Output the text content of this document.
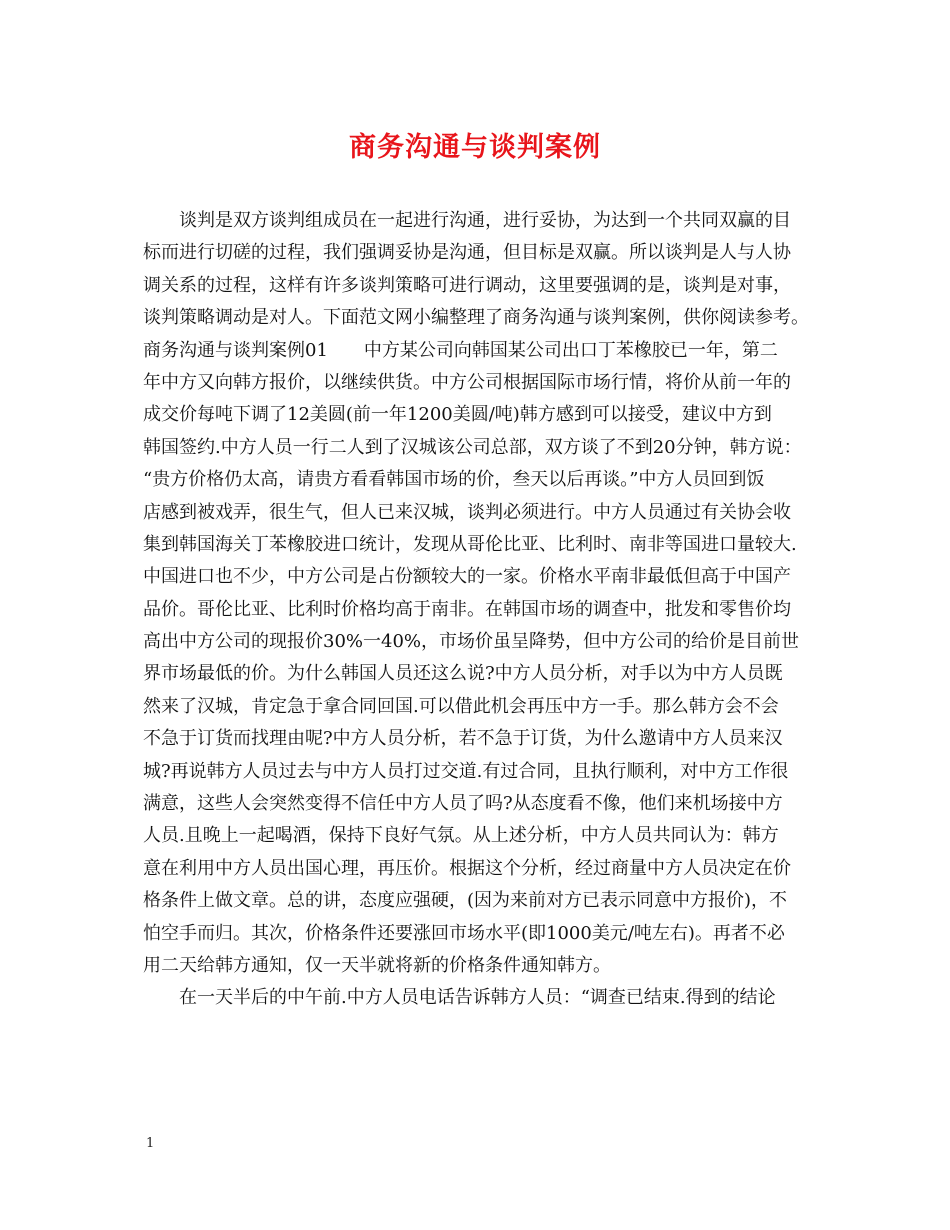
商务沟通与谈判案例
　　谈判是双方谈判组成员在一起进行沟通，进行妥协，为达到一个共同双赢的目
标而进行切磋的过程，我们强调妥协是沟通，但目标是双赢。所以谈判是人与人协
调关系的过程，这样有许多谈判策略可进行调动，这里要强调的是，谈判是对事，
谈判策略调动是对人。下面范文网小编整理了商务沟通与谈判案例，供你阅读参考。
商务沟通与谈判案例01　　中方某公司向韩国某公司出口丁苯橡胶已一年，第二
年中方又向韩方报价，以继续供货。中方公司根据国际市场行情，将价从前一年的
成交价每吨下调了12美圆(前一年1200美圆/吨)韩方感到可以接受，建议中方到
韩国签约.中方人员一行二人到了汉城该公司总部，双方谈了不到20分钟，韩方说：
“贵方价格仍太高，请贵方看看韩国市场的价，叁天以后再谈。”中方人员回到饭
店感到被戏弄，很生气，但人已来汉城，谈判必须进行。中方人员通过有关协会收
集到韩国海关丁苯橡胶进口统计，发现从哥伦比亚、比利时、南非等国进口量较大.
中国进口也不少，中方公司是占份额较大的一家。价格水平南非最低但高于中国产
品价。哥伦比亚、比利时价格均高于南非。在韩国市场的调查中，批发和零售价均
高出中方公司的现报价30%一40%，市场价虽呈降势，但中方公司的给价是目前世
界市场最低的价。为什么韩国人员还这么说?中方人员分析，对手以为中方人员既
然来了汉城，肯定急于拿合同回国.可以借此机会再压中方一手。那么韩方会不会
不急于订货而找理由呢?中方人员分析，若不急于订货，为什么邀请中方人员来汉
城?再说韩方人员过去与中方人员打过交道.有过合同，且执行顺利，对中方工作很
满意，这些人会突然变得不信任中方人员了吗?从态度看不像，他们来机场接中方
人员.且晚上一起喝酒，保持下良好气氛。从上述分析，中方人员共同认为：韩方
意在利用中方人员出国心理，再压价。根据这个分析，经过商量中方人员决定在价
格条件上做文章。总的讲，态度应强硬，(因为来前对方已表示同意中方报价)，不
怕空手而归。其次，价格条件还要涨回市场水平(即1000美元/吨左右)。再者不必
用二天给韩方通知，仅一天半就将新的价格条件通知韩方。
　　在一天半后的中午前.中方人员电话告诉韩方人员：“调查已结束.得到的结论
1
